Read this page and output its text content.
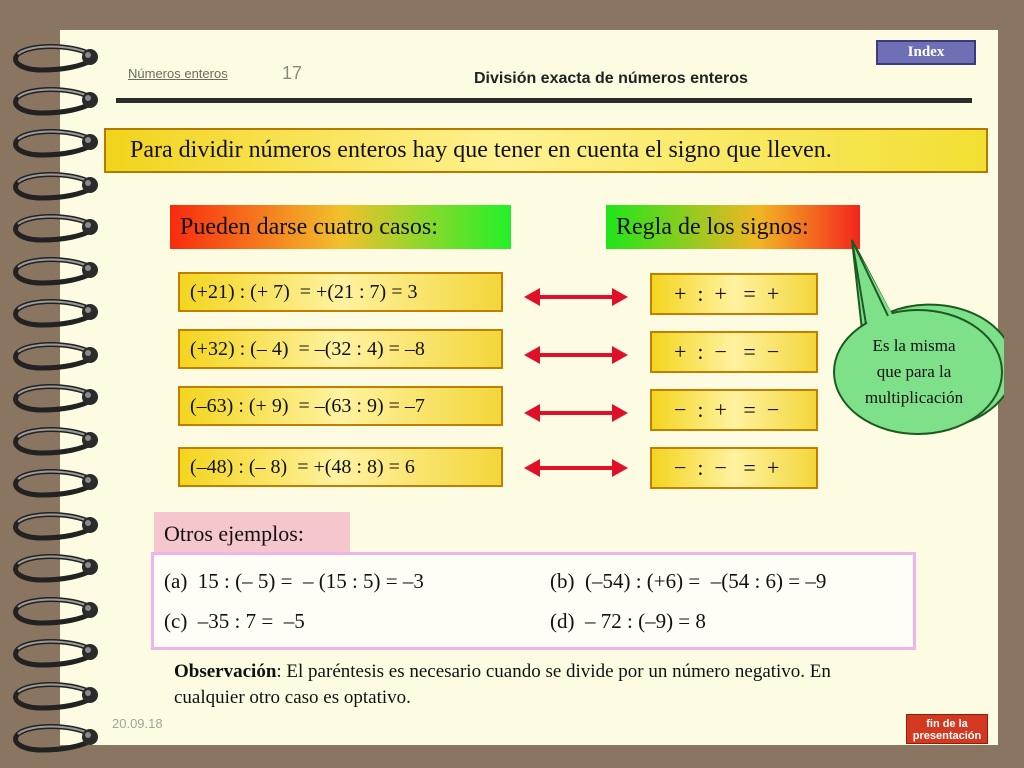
Números enteros	17	División exacta de números enteros
Index
Para dividir números enteros hay que tener en cuenta el signo que lleven.
Pueden darse cuatro casos:	Regla de los signos:
(+21) : (+ 7)  = +(21 : 7) = 3
(+32) : (– 4)  = –(32 : 4) = –8
(–63) : (+ 9)  = –(63 : 9) = –7
(–48) : (– 8)  = +(48 : 8) = 6
+  :  +   =  +
+  :  −   =  −
−  :  +   =  −
−  :  −   =  +
Es la misma
que para la
multiplicación
Otros ejemplos:
(a)  15 : (– 5) =  – (15 : 5) = –3	(b)  (–54) : (+6) =  –(54 : 6) = –9
(c)  –35 : 7 =  –5	(d)  – 72 : (–9) = 8
Observación: El paréntesis es necesario cuando se divide por un número negativo. En cualquier otro caso es optativo.
20.09.18	fin de la
presentación
